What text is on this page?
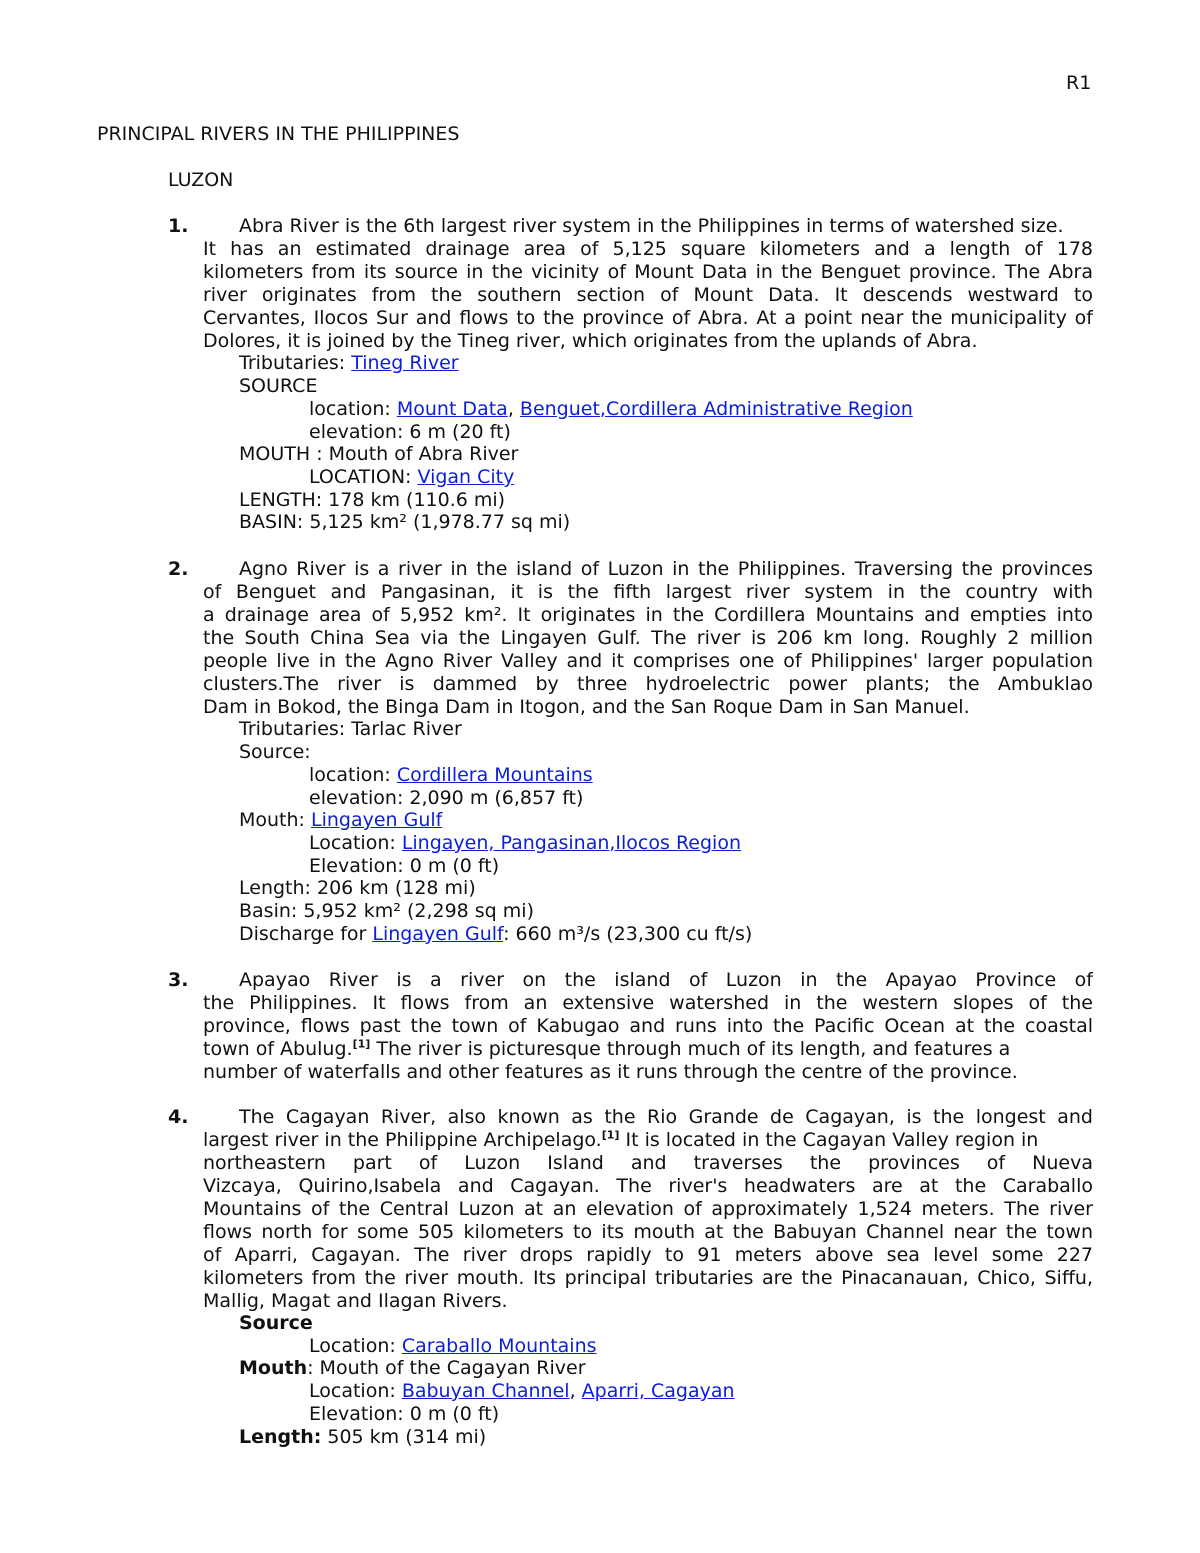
R1
PRINCIPAL RIVERS IN THE PHILIPPINES
LUZON
1.	Abra River is the 6th largest river system in the Philippines in terms of watershed size.
It has an estimated drainage area of 5,125 square kilometers and a length of 178
kilometers from its source in the vicinity of Mount Data in the Benguet province. The Abra
river originates from the southern section of Mount Data. It descends westward to
Cervantes, Ilocos Sur and flows to the province of Abra. At a point near the municipality of
Dolores, it is joined by the Tineg river, which originates from the uplands of Abra.
Tributaries: Tineg River
SOURCE
location: Mount Data, Benguet,Cordillera Administrative Region
elevation: 6 m (20 ft)
MOUTH : Mouth of Abra River
LOCATION: Vigan City
LENGTH: 178 km (110.6 mi)
BASIN: 5,125 km² (1,978.77 sq mi)
2.	Agno River is a river in the island of Luzon in the Philippines. Traversing the provinces
of Benguet and Pangasinan, it is the fifth largest river system in the country with
a drainage area of 5,952 km². It originates in the Cordillera Mountains and empties into
the South China Sea via the Lingayen Gulf. The river is 206 km long. Roughly 2 million
people live in the Agno River Valley and it comprises one of Philippines' larger population
clusters.The river is dammed by three hydroelectric power plants; the Ambuklao
Dam in Bokod, the Binga Dam in Itogon, and the San Roque Dam in San Manuel.
Tributaries: Tarlac River
Source:
location: Cordillera Mountains
elevation: 2,090 m (6,857 ft)
Mouth: Lingayen Gulf
Location: Lingayen, Pangasinan,Ilocos Region
Elevation: 0 m (0 ft)
Length: 206 km (128 mi)
Basin: 5,952 km² (2,298 sq mi)
Discharge for Lingayen Gulf: 660 m³/s (23,300 cu ft/s)
3.	Apayao River is a river on the island of Luzon in the Apayao Province of
the Philippines. It flows from an extensive watershed in the western slopes of the
province, flows past the town of Kabugao and runs into the Pacific Ocean at the coastal
town of Abulug.[1] The river is picturesque through much of its length, and features a
number of waterfalls and other features as it runs through the centre of the province.
4.	The Cagayan River, also known as the Rio Grande de Cagayan, is the longest and
largest river in the Philippine Archipelago.[1] It is located in the Cagayan Valley region in
northeastern part of Luzon Island and traverses the provinces of Nueva
Vizcaya, Quirino,Isabela and Cagayan. The river's headwaters are at the Caraballo
Mountains of the Central Luzon at an elevation of approximately 1,524 meters. The river
flows north for some 505 kilometers to its mouth at the Babuyan Channel near the town
of Aparri, Cagayan. The river drops rapidly to 91 meters above sea level some 227
kilometers from the river mouth. Its principal tributaries are the Pinacanauan, Chico, Siffu,
Mallig, Magat and Ilagan Rivers.
Source
Location: Caraballo Mountains
Mouth: Mouth of the Cagayan River
Location: Babuyan Channel, Aparri, Cagayan
Elevation: 0 m (0 ft)
Length: 505 km (314 mi)
